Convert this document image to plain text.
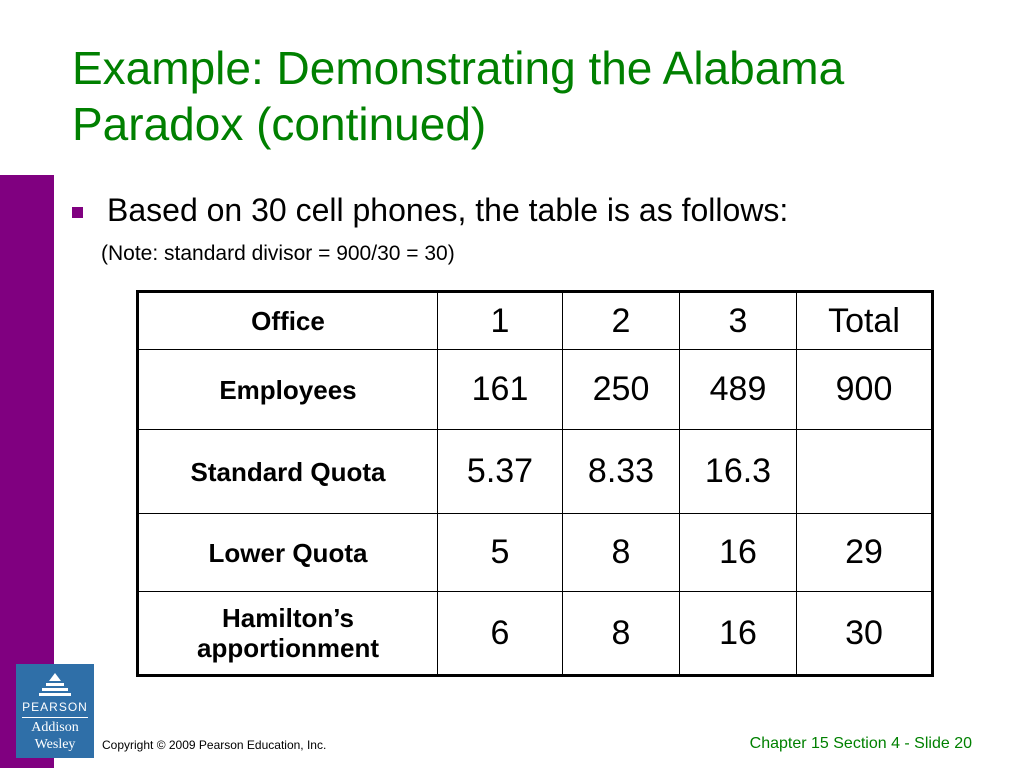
Example: Demonstrating the Alabama Paradox (continued)
Based on 30 cell phones, the table is as follows:
(Note: standard divisor = 900/30 = 30)
Office	1	2	3	Total
Employees	161	250	489	900
Standard Quota	5.37	8.33	16.3	
Lower Quota	5	8	16	29
Hamilton’s apportionment	6	8	16	30
PEARSON
Addison
Wesley	Copyright © 2009 Pearson Education, Inc.	Chapter 15 Section 4 - Slide 20
